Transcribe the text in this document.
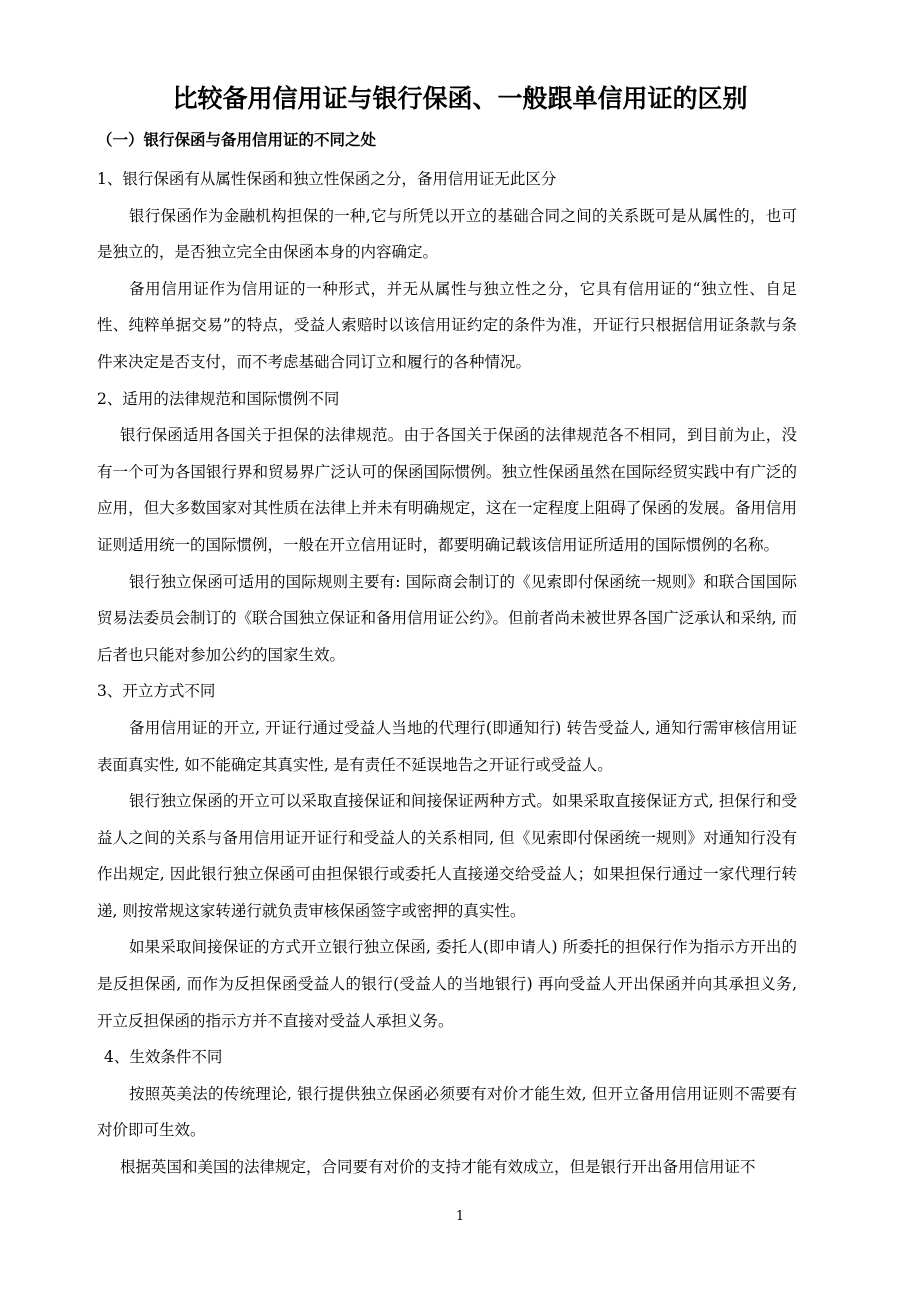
比较备用信用证与银行保函、一般跟单信用证的区别
（一）银行保函与备用信用证的不同之处

1、银行保函有从属性保函和独立性保函之分，备用信用证无此区分

银行保函作为金融机构担保的一种,它与所凭以开立的基础合同之间的关系既可是从属性的，也可是独立的，是否独立完全由保函本身的内容确定。

备用信用证作为信用证的一种形式，并无从属性与独立性之分，它具有信用证的“独立性、自足性、纯粹单据交易”的特点，受益人索赔时以该信用证约定的条件为准，开证行只根据信用证条款与条件来决定是否支付，而不考虑基础合同订立和履行的各种情况。

2、适用的法律规范和国际惯例不同

银行保函适用各国关于担保的法律规范。由于各国关于保函的法律规范各不相同，到目前为止，没有一个可为各国银行界和贸易界广泛认可的保函国际惯例。独立性保函虽然在国际经贸实践中有广泛的应用，但大多数国家对其性质在法律上并未有明确规定，这在一定程度上阻碍了保函的发展。备用信用证则适用统一的国际惯例，一般在开立信用证时，都要明确记载该信用证所适用的国际惯例的名称。

银行独立保函可适用的国际规则主要有: 国际商会制订的《见索即付保函统一规则》和联合国国际贸易法委员会制订的《联合国独立保证和备用信用证公约》。但前者尚未被世界各国广泛承认和采纳, 而后者也只能对参加公约的国家生效。

3、开立方式不同

备用信用证的开立, 开证行通过受益人当地的代理行(即通知行) 转告受益人, 通知行需审核信用证表面真实性, 如不能确定其真实性, 是有责任不延误地告之开证行或受益人。

银行独立保函的开立可以采取直接保证和间接保证两种方式。如果采取直接保证方式, 担保行和受益人之间的关系与备用信用证开证行和受益人的关系相同, 但《见索即付保函统一规则》对通知行没有作出规定, 因此银行独立保函可由担保银行或委托人直接递交给受益人；如果担保行通过一家代理行转递, 则按常规这家转递行就负责审核保函签字或密押的真实性。

如果采取间接保证的方式开立银行独立保函, 委托人(即申请人) 所委托的担保行作为指示方开出的是反担保函, 而作为反担保函受益人的银行(受益人的当地银行) 再向受益人开出保函并向其承担义务, 开立反担保函的指示方并不直接对受益人承担义务。

4、生效条件不同

按照英美法的传统理论, 银行提供独立保函必须要有对价才能生效, 但开立备用信用证则不需要有对价即可生效。

根据英国和美国的法律规定，合同要有对价的支持才能有效成立，但是银行开出备用信用证不

1
